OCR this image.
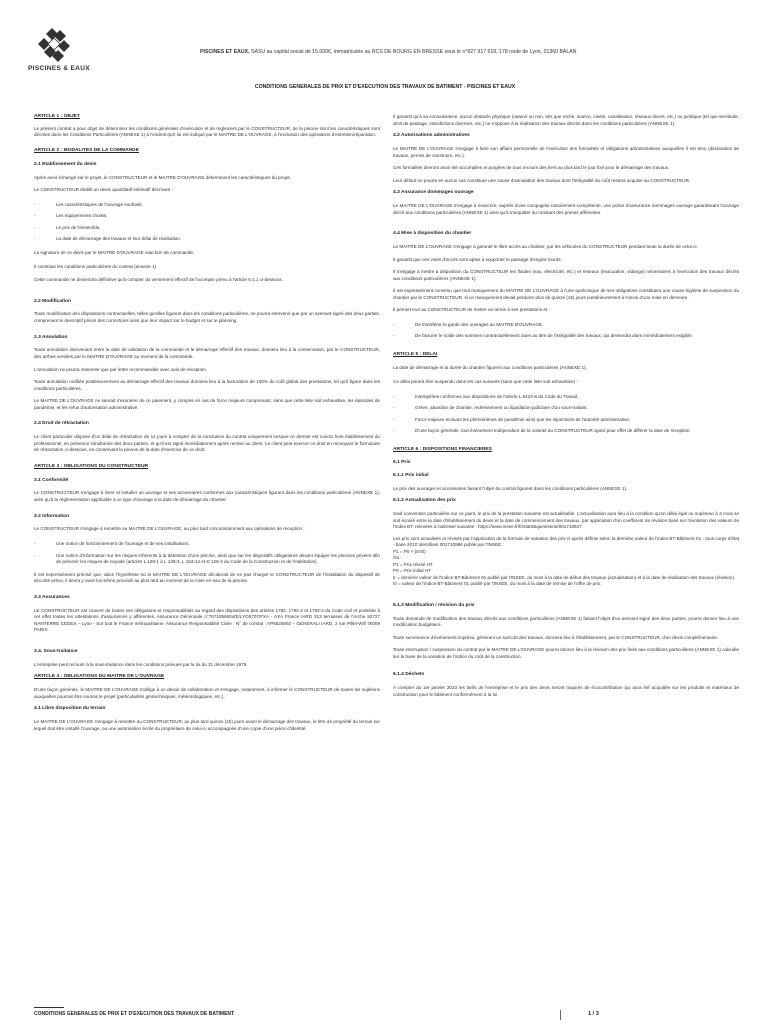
PISCINES & EAUX
PISCINES ET EAUX, SASU au capital social de 15.000€, immatriculée au RCS DE BOURG EN BRESSE sous le n°827 917 618, 178 route de Lyon, 01360 BALAN
CONDITIONS GENERALES DE PRIX ET D'EXECUTION DES TRAVAUX DE BATIMENT - PISCINES ET EAUX
ARTICLE 1 : OBJET
Le présent contrat a pour objet de déterminer les conditions générales d'exécution et de règlement par le CONSTRUCTEUR, de la piscine dont les caractéristiques sont décrites dans les Conditions Particulières (ANNEXE 1) à l'endroit qu'il lui est indiqué par le MAITRE DE L'OUVRAGE, à l'exclusion des opérations d'entretien/réparation.
ARTICLE 2 : MODALITES DE LA COMMANDE
2.1 Etablissement du devis
Après avoir échangé sur le projet, le CONSTRUCTEUR et le MAITRE D'OUVRAGE déterminent les caractéristiques du projet.
Le CONSTRUCTEUR établit un devis quantitatif estimatif décrivant :
- Les caractéristiques de l'ouvrage souhaité,
- Les équipements choisis,
- Le prix de l'ensemble,
- La date de démarrage des travaux et leur délai de réalisation.
La signature de ce devis par le MAITRE D'OUVRAGE vaut bon de commande.
Il constitue les conditions particulières du contrat (annexe 1)
Cette commande ne deviendra définitive qu'à compter du versement effectif de l'acompte prévu à l'article 6.1.1 ci-dessous.
2.2 Modification
Toute modification des dispositions contractuelles, telles qu'elles figurent dans les conditions particulières, ne pourra intervenir que par un avenant signé des deux parties, comprenant le descriptif précis des corrections ainsi que leur impact sur le budget et sur le planning.
2.3 Annulation
Toute annulation intervenant entre la date de validation de la commande et le démarrage effectif des travaux, donnera lieu à la conservation, par le CONSTRUCTEUR, des arrhes versées par le MAITRE D'OUVRAGE au moment de la commande.
L'annulation ne pourra intervenir que par lettre recommandée avec avis de réception.
Toute annulation notifiée postérieurement au démarrage effectif des travaux donnera lieu à la facturation de 100% du coût global des prestations, tel qu'il figure dans les conditions particulières.
Le MAITRE DE L'OUVRAGE ne saurait s'exonérer de ce paiement, y compris en cas de force majeure comprenant, sans que cette liste soit exhaustive, les épisodes de pandémie, et les refus d'autorisation administrative.
2.4 Droit de rétractation
Le client particulier dispose d'un délai de rétractation de 14 jours à compter de la conclusion du contrat uniquement lorsque ce dernier est conclu hors établissement du professionnel, en présence simultanée des deux parties, et qu'il est signé immédiatement après remise au client. Le client peut exercer ce droit en renvoyant le formulaire de rétractation ci-dessous, en conservant la preuve de la date d'exercice de ce droit.
ARTICLE 3 : OBLIGATIONS DU CONSTRUCTEUR
3.1 Conformité
Le CONSTRUCTEUR s'engage à livrer et installer un ouvrage et ses accessoires conformes aux caractéristiques figurant dans les conditions particulières (ANNEXE 1), ainsi qu'à la réglementation applicable à ce type d'ouvrage à la date de démarrage du chantier.
3.2 Information
Le CONSTRUCTEUR s'engage à remettre au MAITRE DE L'OUVRAGE, au plus tard concomitamment aux opérations de réception :
- Une notice de fonctionnement de l'ouvrage et de ses installations,
- Une notice d'information sur les risques inhérents à la détention d'une piscine, ainsi que sur les dispositifs obligatoires devant équiper les piscines privées afin de prévenir les risques de noyade (articles L 128-1 à L 128-3, L 153-12 et D 128-4 du Code de la Construction et de l'Habitation).
Il est expressément précisé que, dans l'hypothèse où le MAITRE DE L'OUVRAGE déciderait de ne pas charger le CONSTRUCTEUR de l'installation du dispositif de sécurité prévu, il devra y avoir lui-même procédé au plus tard au moment de la mise en eau de la piscine.
3.3 Assurances
LE CONSTRUCTEUR est couvert de toutes ses obligations et responsabilités au regard des dispositions des articles 1792, 1792-2 et 1792-3 du Code civil et possède à cet effet toutes les attestations d'assurances y afférentes. Assurance Décennale n°7671056604/E/LYO5707/FXA - AXA France IARD 313 terrasses de l'Arche 92727 NANTERRE CEDEX – Lyon - Sur tout le France métropolitaine. Assurance Responsabilité Civile : N° de contrat : AP8526992 – GENERALI IARD, 2 rue Pillet-Will 75009 PARIS
3.4. Sous-traitance
L'entreprise peut recourir à la sous-traitance dans les conditions prévues par la loi du 31 décembre 1975.
ARTICLE 4 : OBLIGATIONS DU MAITRE DE L'OUVRAGE
D'une façon générale, le MAITRE DE L'OUVRAGE s'oblige à un devoir de collaboration et s'engage, notamment, à informer le CONSTRUCTEUR de toutes les sujétions auxquelles pourrait être soumis le projet (particularités géotechniques, météorologiques, etc.).
4.1 Libre disposition du terrain
Le MAITRE DE L'OUVRAGE s'engage à remettre au CONSTRUCTEUR, au plus tard quinze (15) jours avant le démarrage des travaux, le titre de propriété du terrain sur lequel doit être installé l'ouvrage, ou une autorisation écrite du propriétaire de celui-ci accompagnée d'une copie d'une pièce d'identité.
Il garantit qu'à sa connaissance, aucun obstacle physique (naturel ou non, tels que roche, source, cavité, canalisation, réseaux divers, etc.) ou juridique (tel que servitude, droit de passage, interdictions diverses, etc.) ne s'oppose à la réalisation des travaux décrits dans les conditions particulières (ANNEXE 1).
4.2 Autorisations administratives
Le MAITRE DE L'OUVRAGE s'engage à faire son affaire personnelle de l'exécution des formalités et obligations administratives auxquelles il est tenu (déclaration de travaux, permis de construire, etc.).
Ces formalités devront avoir été accomplies et purgées de tous recours des tiers au plus tard le jour fixé pour le démarrage des travaux.
Leur défaut ne pourra en aucun cas constituer une cause d'annulation des travaux dont l'intégralité du coût restera acquise au CONSTRUCTEUR.
4.3 Assurance dommages ouvrage
Le MAITRE DE L'OUVRAGE s'engage à souscrire, auprès d'une compagnie notoirement compétente, une police d'assurance dommages ouvrage garantissant l'ouvrage décrit aux conditions particulières (ANNEXE 1) ainsi qu'à s'acquitter du montant des primes afférentes.
4.4 Mise à disposition du chantier
Le MAITRE DE L'OUVRAGE s'engage à garantir le libre accès au chantier, par les véhicules du CONSTRUCTEUR pendant toute la durée de celui-ci.
Il garantit que ces voies d'accès sont aptes à supporter le passage d'engins lourds.
Il s'engage à mettre à disposition du CONSTRUCTEUR les fluides (eau, électricité, etc.) et réseaux (évacuation, vidange) nécessaires à l'exécution des travaux décrits aux conditions particulières (ANNEXE 1).
Il est expressément convenu que tout manquement du MAITRE DE L'OUVRAGE à l'une quelconque de ses obligations constituera une cause légitime de suspension du chantier par le CONSTRUCTEUR, si ce manquement devait perdurer plus de quinze (15) jours postérieurement à l'envoi d'une mise en demeure.
Il permet tout au CONSTRUCTEUR de mettre un terme à ses prestations et :
- De transférer la garde des ouvrages au MAITRE D'OUVRAGE,
- De facturer le solde des sommes contractuellement dues au titre de l'intégralité des travaux, qui deviendra alors immédiatement exigible.
ARTICLE 5 : DELAI
La date de démarrage et la durée du chantier figurent aux conditions particulières (ANNEXE 1).
Ce délai pourra être suspendu dans les cas suivants (sans que cette liste soit exhaustive) :
- Intempéries conformes aux dispositions de l'article L.5424-8 du Code du Travail,
- Grève, abandon de chantier, redressement ou liquidation judiciaire d'un sous-traitant,
- Force majeure incluant les phénomènes de pandémie ainsi que les injonctions de l'autorité administrative,
- D'une façon générale, tout événement indépendant de la volonté du CONSTRUCTEUR ayant pour effet de différer la date de réception.
ARTICLE 6 : DISPOSITIONS FINANCIERES
6.1 Prix
6.1.1 Prix initial
Le prix des ouvrages et accessoires faisant l'objet du contrat figurent dans les conditions particulières (ANNEXE 1).
6.1.2 Actualisation des prix
Sauf convention particulière sur ce point, le prix de la prestation suivante est actualisable. L'actualisation aura lieu à la condition qu'un délai égal ou supérieur à 3 mois se soit écoulé entre la date d'établissement du devis et la date de commencement des travaux, par application d'un coefficient de révision basé sur l'évolution des valeurs de l'index BT, relevées à l'adresse suivante : https://www.insee.fr/fr/statistiques/serie/001710847.
Les prix sont actualisés et révisés par l'application de la formule de variation des prix ci-après définie selon la dernière valeur de l'index BT-Bâtiment 01 - tous corps d'état - base 2010 Identifiant 001710986 publié par l'INSEE :
P1 = P0 × (Ir/I0)
Où :
P1 = Prix révisé HT
P0 = Prix initial HT
Ir = dernière valeur de l'indice BT-Bâtiment 01 publié par l'INSEE, du mois à la date de début des travaux (actualisation) et à la date de réalisation des travaux (révision).
I0 = valeur de l'indice BT-Bâtiment 01 publié par l'INSEE, du mois à la date de remise de l'offre de prix.
6.1.3 Modification / révision du prix
Toute demande de modification des travaux décrits aux conditions particulières (ANNEXE 1) faisant l'objet d'un avenant signé des deux parties, pourra donner lieu à une modification budgétaire.
Toute survenance d'événement imprévu, générant un surcoût des travaux, donnera lieu à l'établissement, par le CONSTRUCTEUR, d'un devis complémentaire.
Toute interruption / suspension du contrat par le MAITRE DE L'OUVRAGE pourra donner lieu à la révision des prix fixés aux conditions particulières (ANNEXE 1) calculée sur la base de la variation de l'indice du coût de la construction.
6.1.4 Déchets
A compter du 1er janvier 2023 les tarifs de l'entreprise et le prix des devis seront majorés de écocontribution qui aura été acquittée sur les produits et matériaux de construction pour le bâtiment conformément à la loi
CONDITIONS GENERALES DE PRIX ET D'EXECUTION DES TRAVAUX DE BATIMENT	1 / 3
